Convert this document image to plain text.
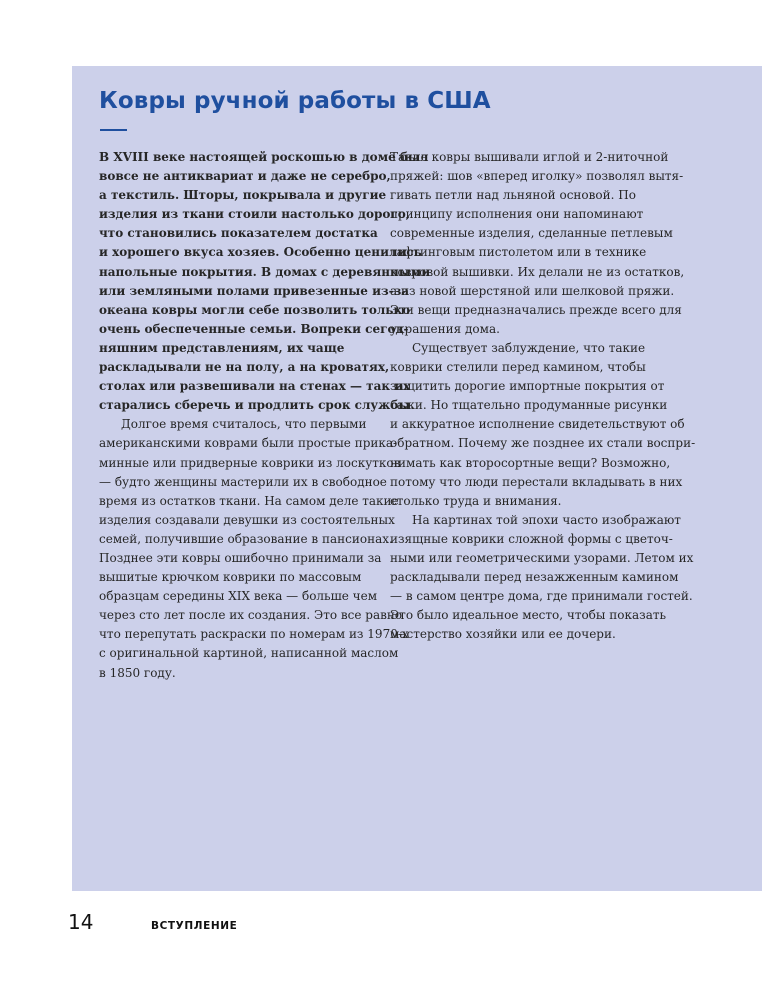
Ковры ручной работы в США
В XVIII веке настоящей роскошью в доме был
вовсе не антиквариат и даже не серебро,
а текстиль. Шторы, покрывала и другие
изделия из ткани стоили настолько дорого,
что становились показателем достатка
и хорошего вкуса хозяев. Особенно ценились
напольные покрытия. В домах с деревянными
или земляными полами привезенные из-за
океана ковры могли себе позволить только
очень обеспеченные семьи. Вопреки сегод-
няшним представлениям, их чаще
раскладывали не на полу, а на кроватях,
столах или развешивали на стенах — так их
старались сберечь и продлить срок службы.
Долгое время считалось, что первыми
американскими коврами были простые прика-
минные или придверные коврики из лоскутков
— будто женщины мастерили их в свободное
время из остатков ткани. На самом деле такие
изделия создавали девушки из состоятельных
семей, получившие образование в пансионах.
Позднее эти ковры ошибочно принимали за
вышитые крючком коврики по массовым
образцам середины XIX века — больше чем
через сто лет после их создания. Это все равно
что перепутать раскраски по номерам из 1970-х
с оригинальной картиной, написанной маслом
в 1850 году.
Такие ковры вышивали иглой и 2-ниточной
пряжей: шов «вперед иголку» позволял вытя-
гивать петли над льняной основой. По
принципу исполнения они напоминают
современные изделия, сделанные петлевым
тафтинговым пистолетом или в технике
ковровой вышивки. Их делали не из остатков,
а из новой шерстяной или шелковой пряжи.
Эти вещи предназначались прежде всего для
украшения дома.
Существует заблуждение, что такие
коврики стелили перед камином, чтобы
защитить дорогие импортные покрытия от
сажи. Но тщательно продуманные рисунки
и аккуратное исполнение свидетельствуют об
обратном. Почему же позднее их стали воспри-
нимать как второсортные вещи? Возможно,
потому что люди перестали вкладывать в них
столько труда и внимания.
На картинах той эпохи часто изображают
изящные коврики сложной формы с цветоч-
ными или геометрическими узорами. Летом их
раскладывали перед незажженным камином
— в самом центре дома, где принимали гостей.
Это было идеальное место, чтобы показать
мастерство хозяйки или ее дочери.
14	ВСТУПЛЕНИЕ
